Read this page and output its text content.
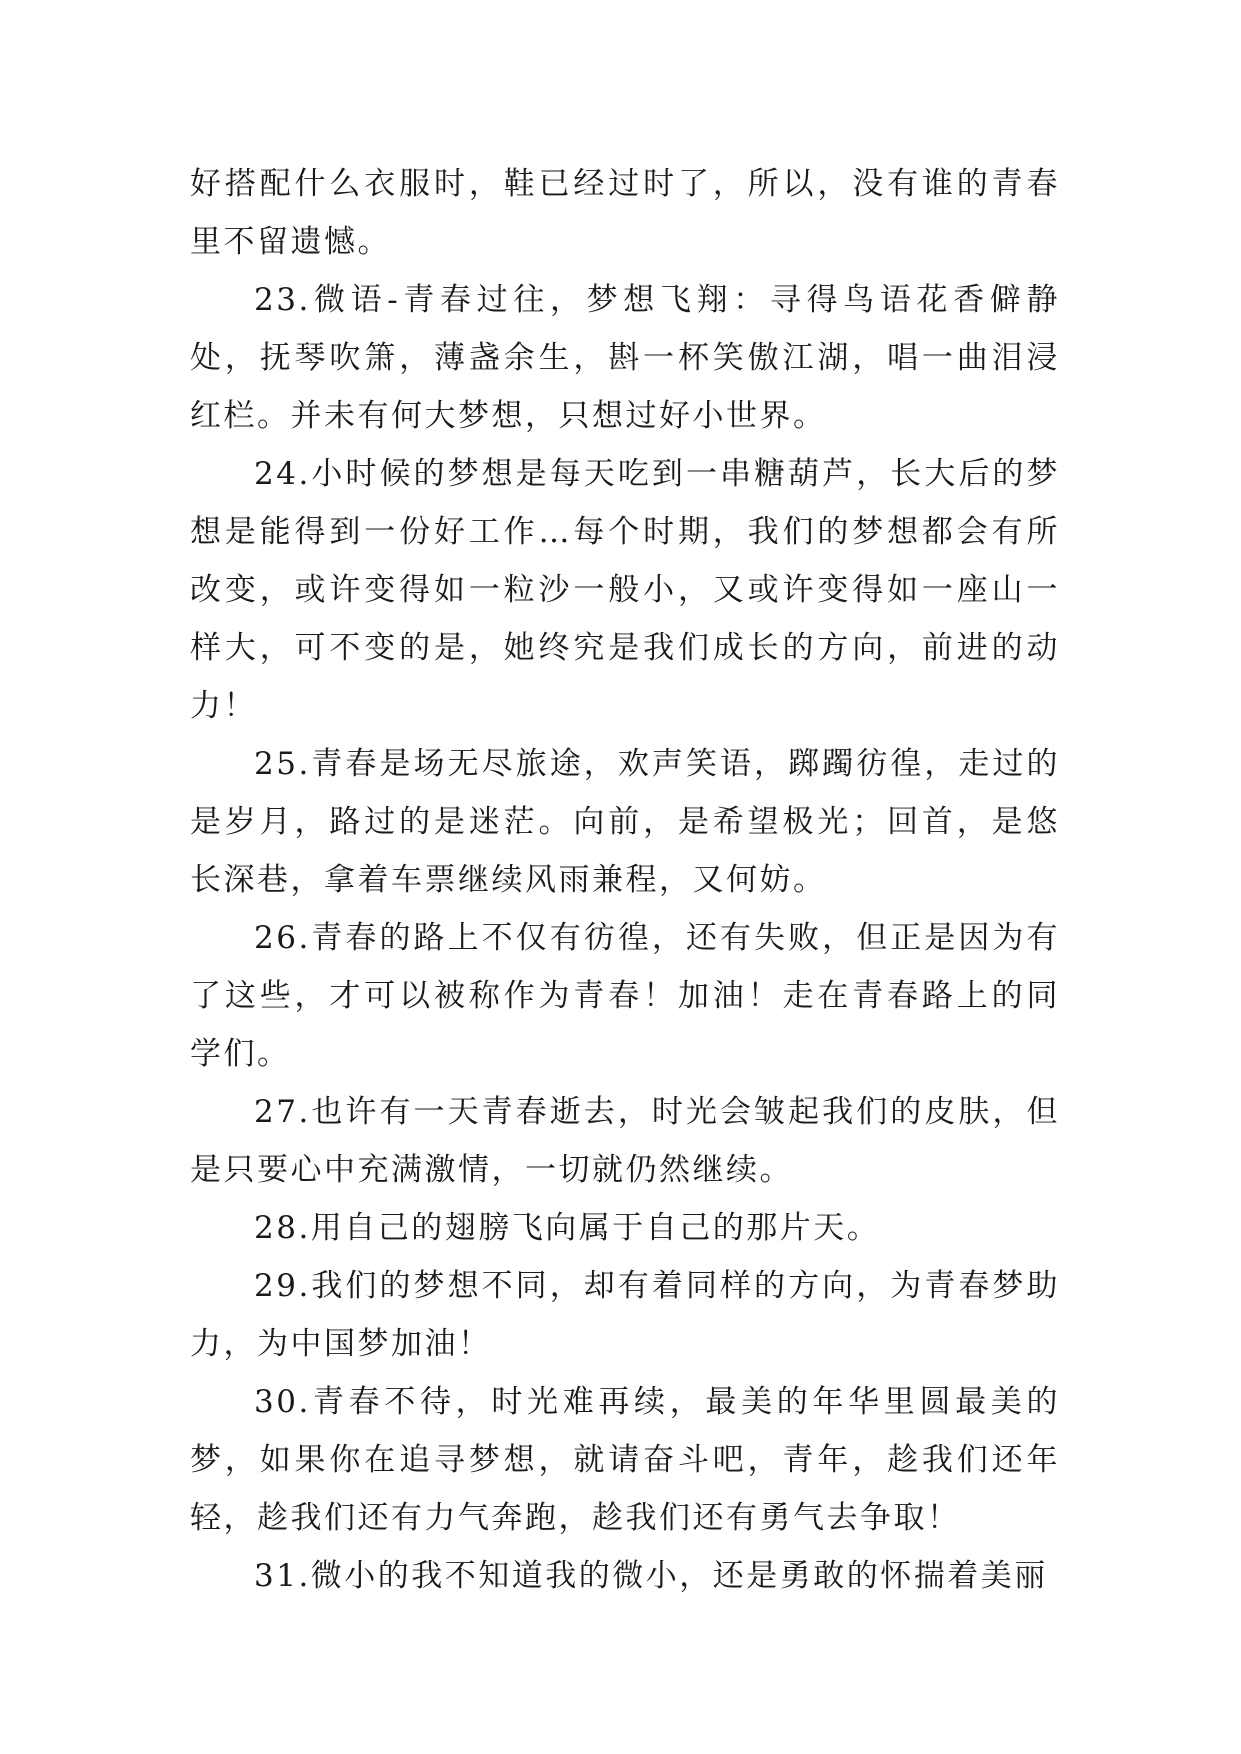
好搭配什么衣服时，鞋已经过时了，所以，没有谁的青春里不留遗憾。

23.微语-青春过往，梦想飞翔：寻得鸟语花香僻静处，抚琴吹箫，薄盏余生，斟一杯笑傲江湖，唱一曲泪浸红栏。并未有何大梦想，只想过好小世界。

24.小时候的梦想是每天吃到一串糖葫芦，长大后的梦想是能得到一份好工作…每个时期，我们的梦想都会有所改变，或许变得如一粒沙一般小，又或许变得如一座山一样大，可不变的是，她终究是我们成长的方向，前进的动力！

25.青春是场无尽旅途，欢声笑语，踯躅彷徨，走过的是岁月，路过的是迷茫。向前，是希望极光；回首，是悠长深巷，拿着车票继续风雨兼程，又何妨。

26.青春的路上不仅有彷徨，还有失败，但正是因为有了这些，才可以被称作为青春！加油！走在青春路上的同学们。

27.也许有一天青春逝去，时光会皱起我们的皮肤，但是只要心中充满激情，一切就仍然继续。

28.用自己的翅膀飞向属于自己的那片天。

29.我们的梦想不同，却有着同样的方向，为青春梦助力，为中国梦加油！

30.青春不待，时光难再续，最美的年华里圆最美的梦，如果你在追寻梦想，就请奋斗吧，青年，趁我们还年轻，趁我们还有力气奔跑，趁我们还有勇气去争取！

31.微小的我不知道我的微小，还是勇敢的怀揣着美丽
